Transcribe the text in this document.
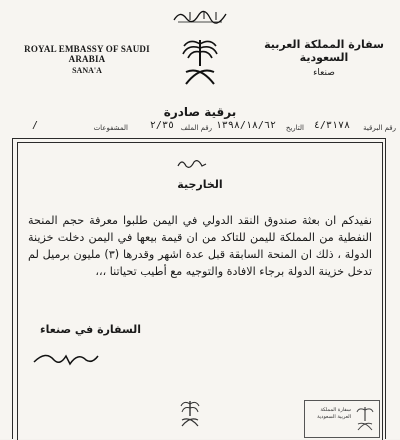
ROYAL EMBASSY OF SAUDI ARABIA
SANA'A
سفارة المملكة العربية السعودية
صنعاء
برقية صادرة
رقم البرقية
٤/٣١٧٨
التاريخ
١٣٩٨/١٨/٦٢
رقم الملف
٢/٣٥
المشفوعات
/
الخارجية
نفيدكم ان بعثة صندوق النقد الدولي في اليمن طلبوا معرفة حجم المنحة النفطية من المملكة لليمن للتاكد من ان قيمة بيعها في اليمن دخلت خزينة الدولة ، ذلك ان المنحة السابقة قبل عدة اشهر وقدرها (٣) مليون برميل لم تدخل خزينة الدولة برجاء الافادة والتوجيه مع أطيب تحياتنا ،،،
السفارة في صنعاء
سفارة المملكة العربية السعودية
